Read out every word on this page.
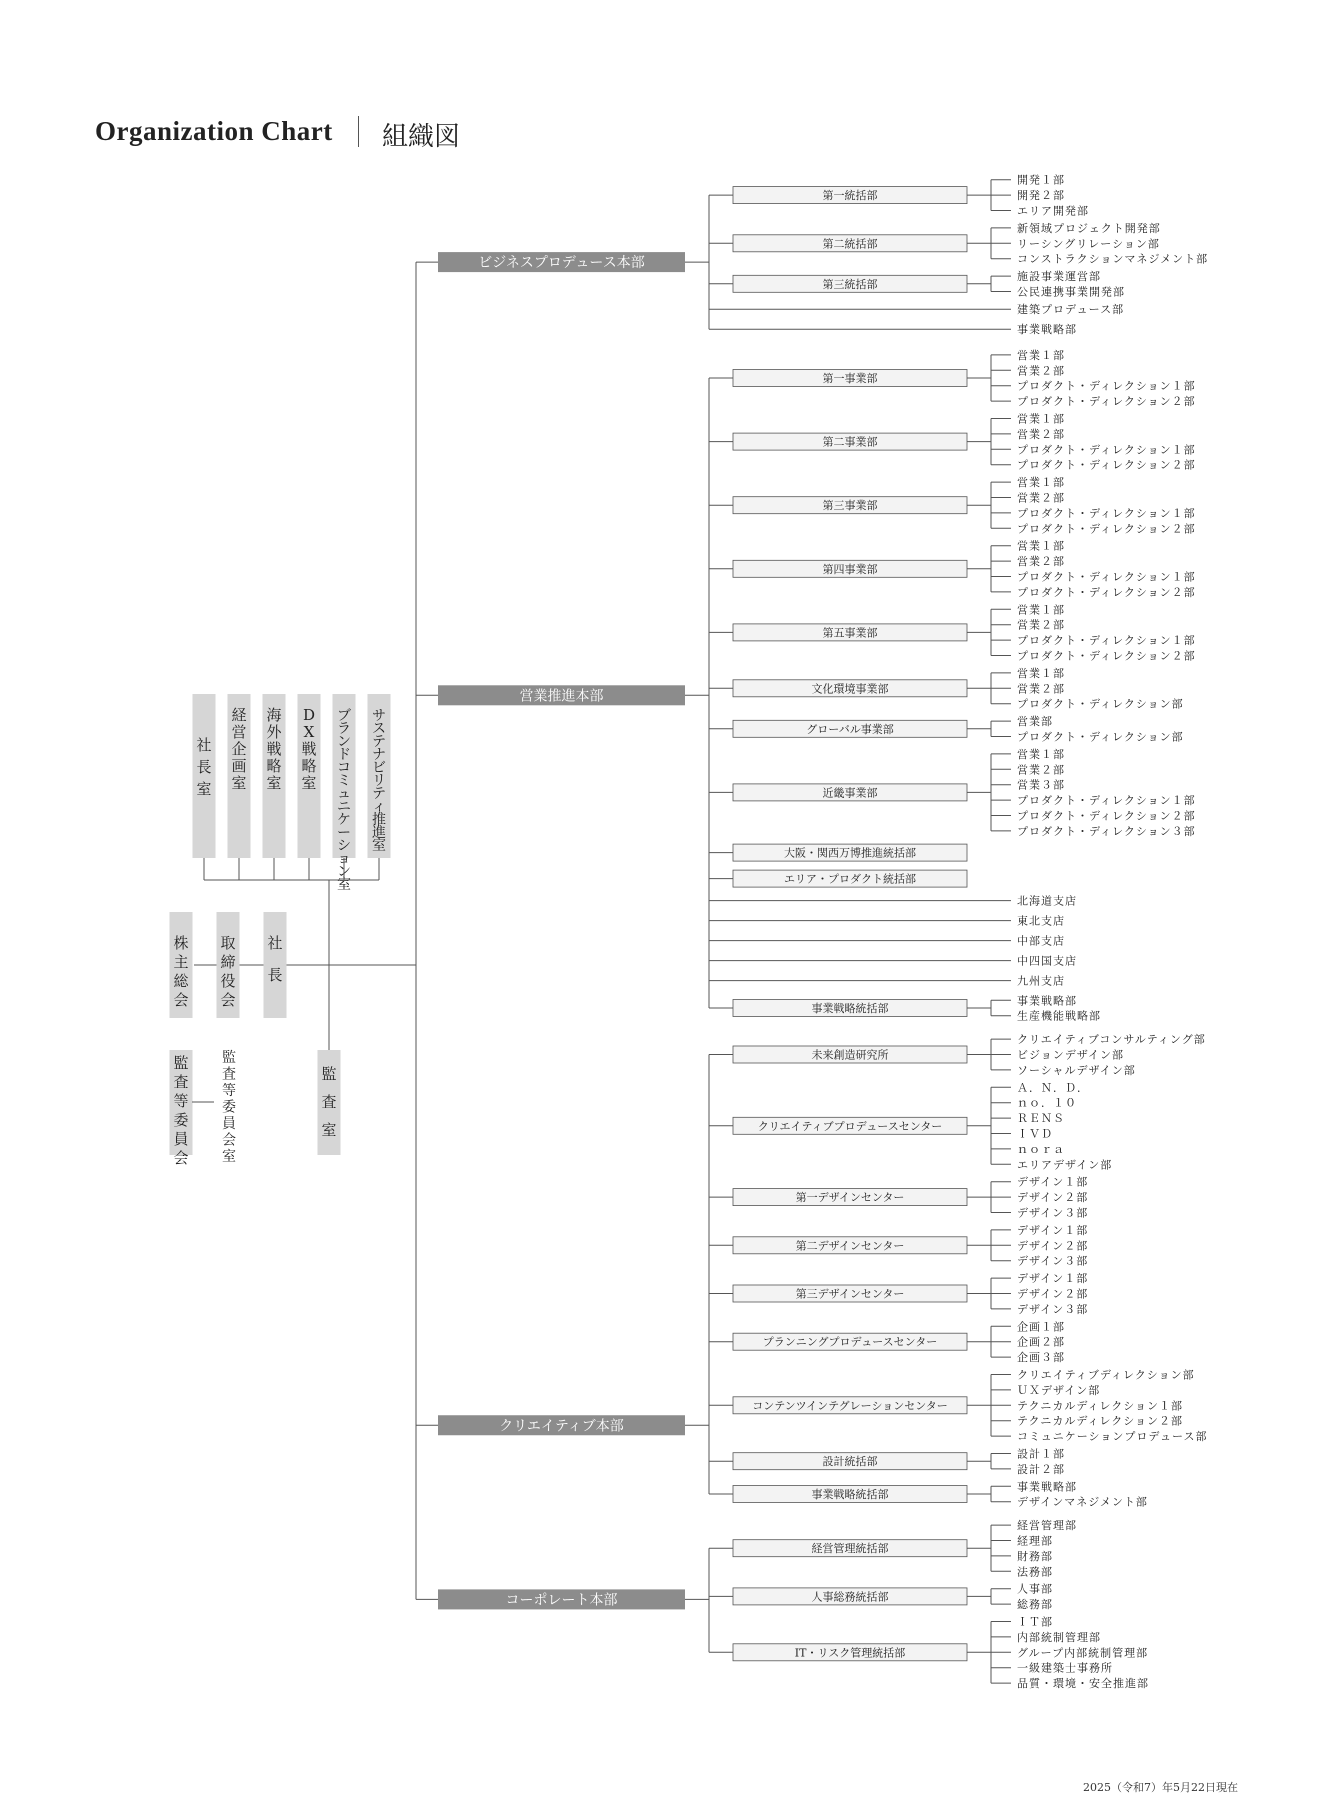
Organization Chart 組織図
第一統括部
開発１部
開発２部
エリア開発部
第二統括部
新領域プロジェクト開発部
リーシングリレーション部
コンストラクションマネジメント部
第三統括部
施設事業運営部
公民連携事業開発部
建築プロデュース部
事業戦略部
ビジネスプロデュース本部
第一事業部
営業１部
営業２部
プロダクト・ディレクション１部
プロダクト・ディレクション２部
第二事業部
営業１部
営業２部
プロダクト・ディレクション１部
プロダクト・ディレクション２部
第三事業部
営業１部
営業２部
プロダクト・ディレクション１部
プロダクト・ディレクション２部
第四事業部
営業１部
営業２部
プロダクト・ディレクション１部
プロダクト・ディレクション２部
第五事業部
営業１部
営業２部
プロダクト・ディレクション１部
プロダクト・ディレクション２部
文化環境事業部
営業１部
営業２部
プロダクト・ディレクション部
グローバル事業部
営業部
プロダクト・ディレクション部
近畿事業部
営業１部
営業２部
営業３部
プロダクト・ディレクション１部
プロダクト・ディレクション２部
プロダクト・ディレクション３部
大阪・関西万博推進統括部
エリア・プロダクト統括部
北海道支店
東北支店
中部支店
中四国支店
九州支店
事業戦略統括部
事業戦略部
生産機能戦略部
営業推進本部
未来創造研究所
クリエイティブコンサルティング部
ビジョンデザイン部
ソーシャルデザイン部
クリエイティブプロデュースセンター
Ａ．Ｎ．Ｄ．
ｎｏ．１０
ＲＥＮＳ
ＩＶＤ
ｎｏｒａ
エリアデザイン部
第一デザインセンター
デザイン１部
デザイン２部
デザイン３部
第二デザインセンター
デザイン１部
デザイン２部
デザイン３部
第三デザインセンター
デザイン１部
デザイン２部
デザイン３部
プランニングプロデュースセンター
企画１部
企画２部
企画３部
コンテンツインテグレーションセンター
クリエイティブディレクション部
ＵＸデザイン部
テクニカルディレクション１部
テクニカルディレクション２部
コミュニケーションプロデュース部
設計統括部
設計１部
設計２部
事業戦略統括部
事業戦略部
デザインマネジメント部
クリエイティブ本部
経営管理統括部
経営管理部
経理部
財務部
法務部
人事総務統括部
人事部
総務部
IT・リスク管理統括部
ＩＴ部
内部統制管理部
グループ内部統制管理部
一級建築士事務所
品質・環境・安全推進部
コーポレート本部
社長室
経営企画室
海外戦略室
D X 戦略室
ブランドコミュニケーション室
サステナビリティ推進室
株主総会
取締役会
社長
監査等委員会
監査等委員会室
監査室
2025（令和7）年5月22日現在
